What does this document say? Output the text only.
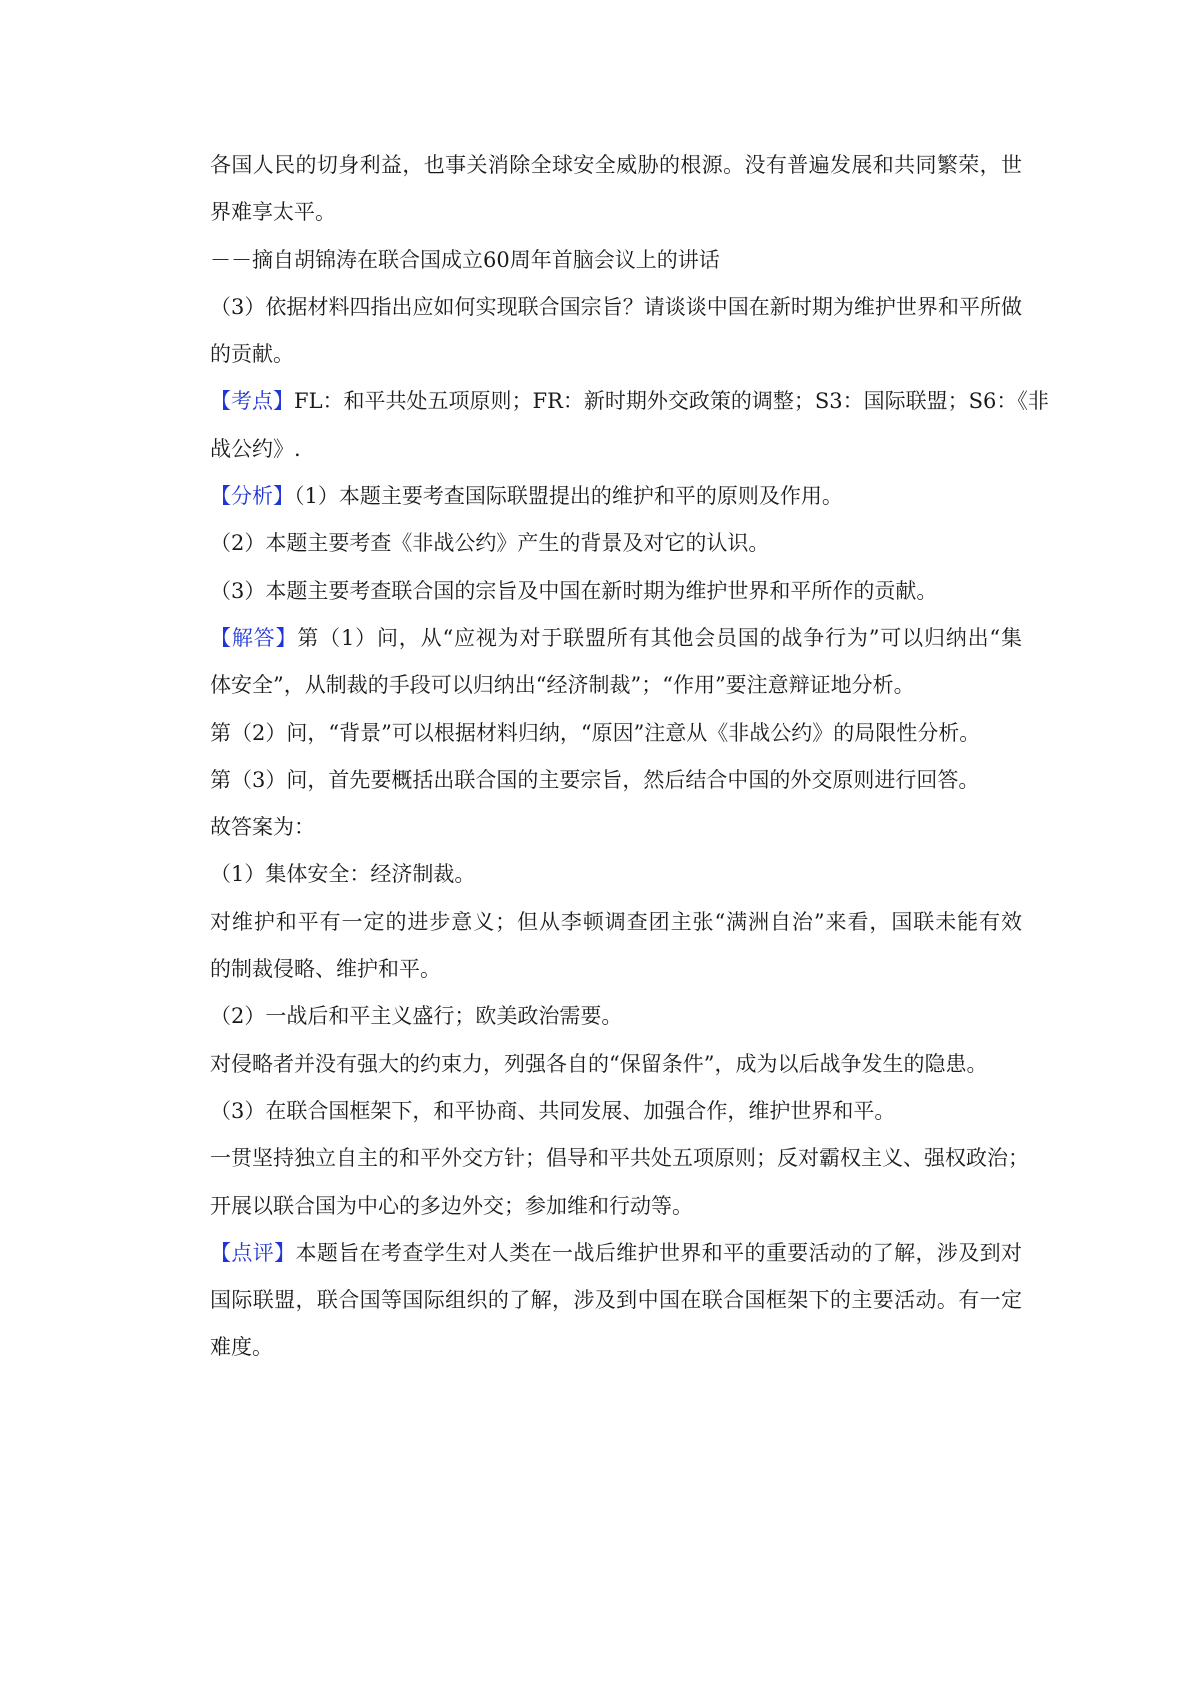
各国人民的切身利益，也事关消除全球安全威胁的根源。没有普遍发展和共同繁荣，世
界难享太平。
－－摘自胡锦涛在联合国成立60周年首脑会议上的讲话
（3）依据材料四指出应如何实现联合国宗旨？请谈谈中国在新时期为维护世界和平所做
的贡献。
【考点】FL：和平共处五项原则；FR：新时期外交政策的调整；S3：国际联盟；S6：《非
战公约》.
【分析】（1）本题主要考查国际联盟提出的维护和平的原则及作用。
（2）本题主要考查《非战公约》产生的背景及对它的认识。
（3）本题主要考查联合国的宗旨及中国在新时期为维护世界和平所作的贡献。
【解答】第（1）问，从“应视为对于联盟所有其他会员国的战争行为”可以归纳出“集
体安全”，从制裁的手段可以归纳出“经济制裁”；“作用”要注意辩证地分析。
第（2）问，“背景”可以根据材料归纳，“原因”注意从《非战公约》的局限性分析。
第（3）问，首先要概括出联合国的主要宗旨，然后结合中国的外交原则进行回答。
故答案为：
（1）集体安全：经济制裁。
对维护和平有一定的进步意义；但从李顿调查团主张“满洲自治”来看，国联未能有效
的制裁侵略、维护和平。
（2）一战后和平主义盛行；欧美政治需要。
对侵略者并没有强大的约束力，列强各自的“保留条件”，成为以后战争发生的隐患。
（3）在联合国框架下，和平协商、共同发展、加强合作，维护世界和平。
一贯坚持独立自主的和平外交方针；倡导和平共处五项原则；反对霸权主义、强权政治；
开展以联合国为中心的多边外交；参加维和行动等。
【点评】本题旨在考查学生对人类在一战后维护世界和平的重要活动的了解，涉及到对
国际联盟，联合国等国际组织的了解，涉及到中国在联合国框架下的主要活动。有一定
难度。
